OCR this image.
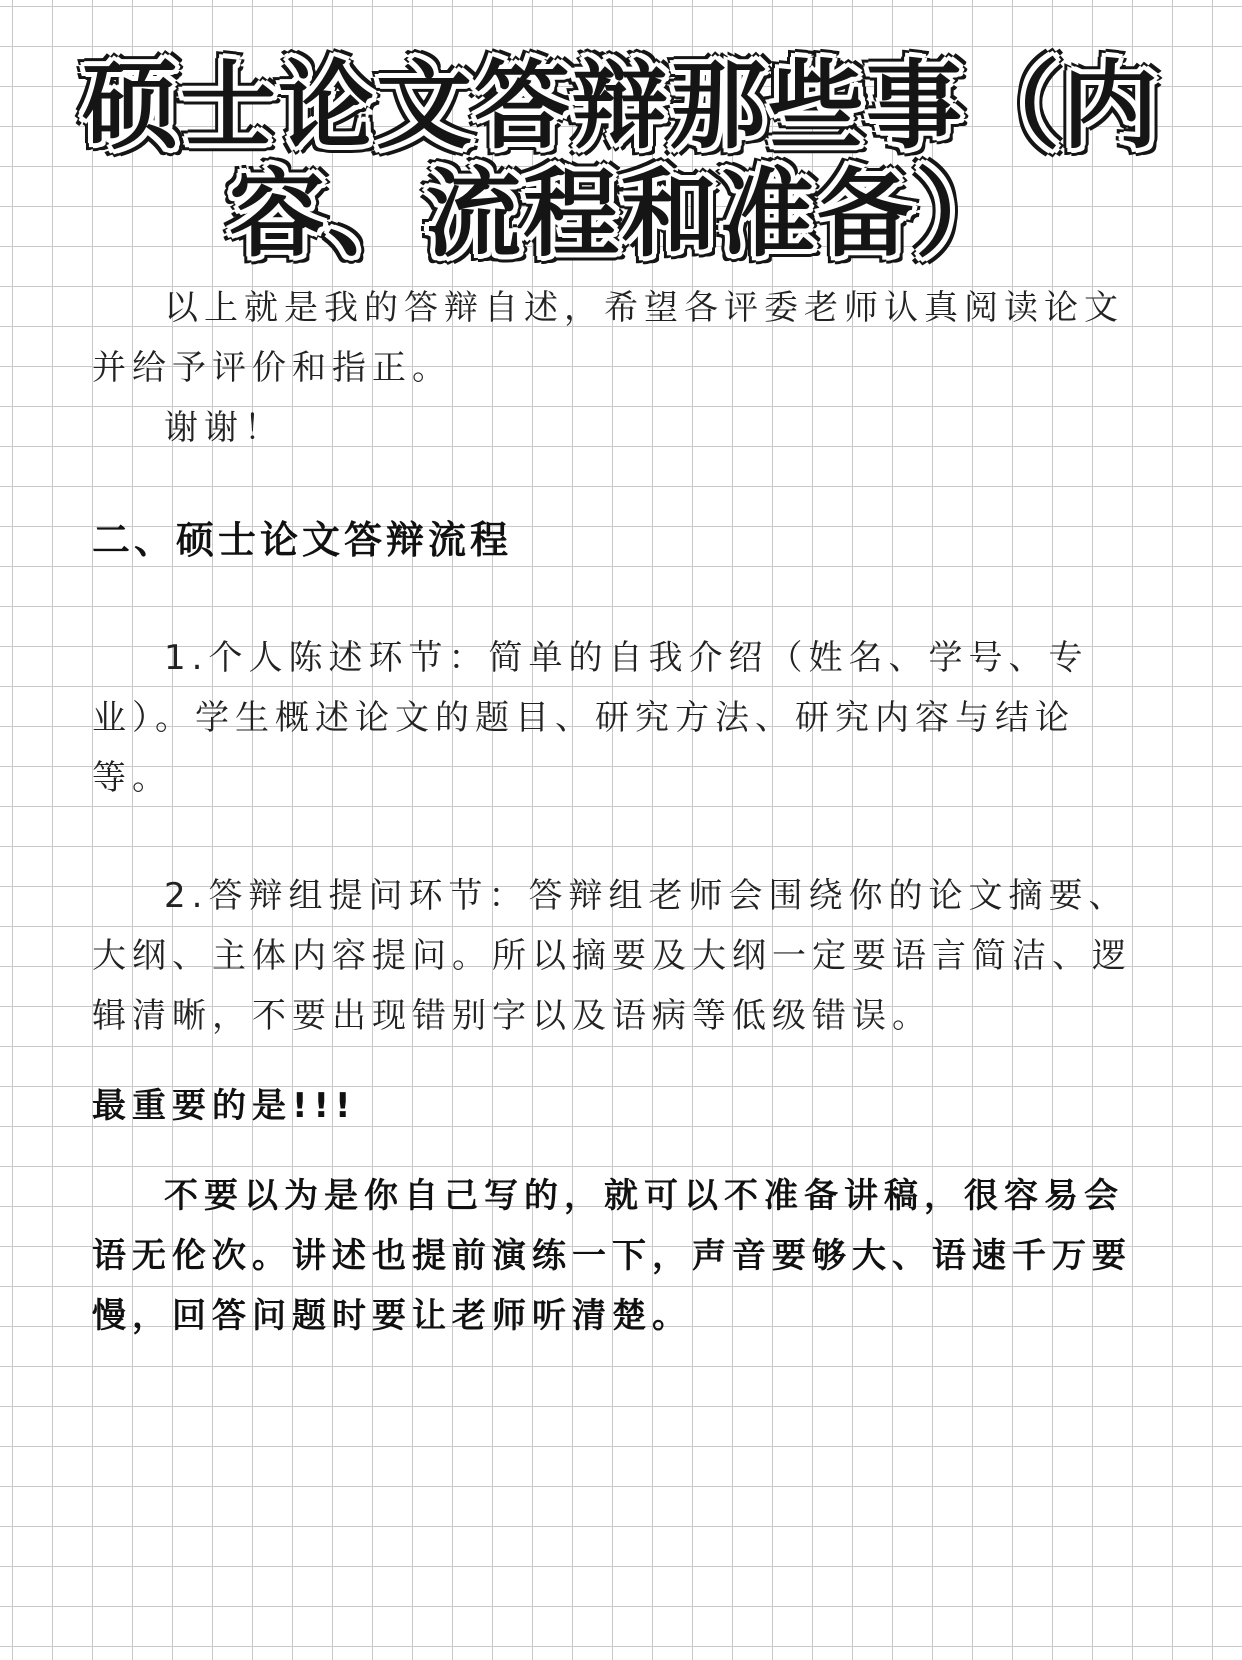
硕士论文答辩那些事（内容、流程和准备）

以上就是我的答辩自述，希望各评委老师认真阅读论文并给予评价和指正。

谢谢！

二、硕士论文答辩流程

1.个人陈述环节：简单的自我介绍（姓名、学号、专业）。学生概述论文的题目、研究方法、研究内容与结论等。

2.答辩组提问环节：答辩组老师会围绕你的论文摘要、大纲、主体内容提问。所以摘要及大纲一定要语言简洁、逻辑清晰，不要出现错别字以及语病等低级错误。

最重要的是!!!

不要以为是你自己写的，就可以不准备讲稿，很容易会语无伦次。讲述也提前演练一下，声音要够大、语速千万要慢，回答问题时要让老师听清楚。
